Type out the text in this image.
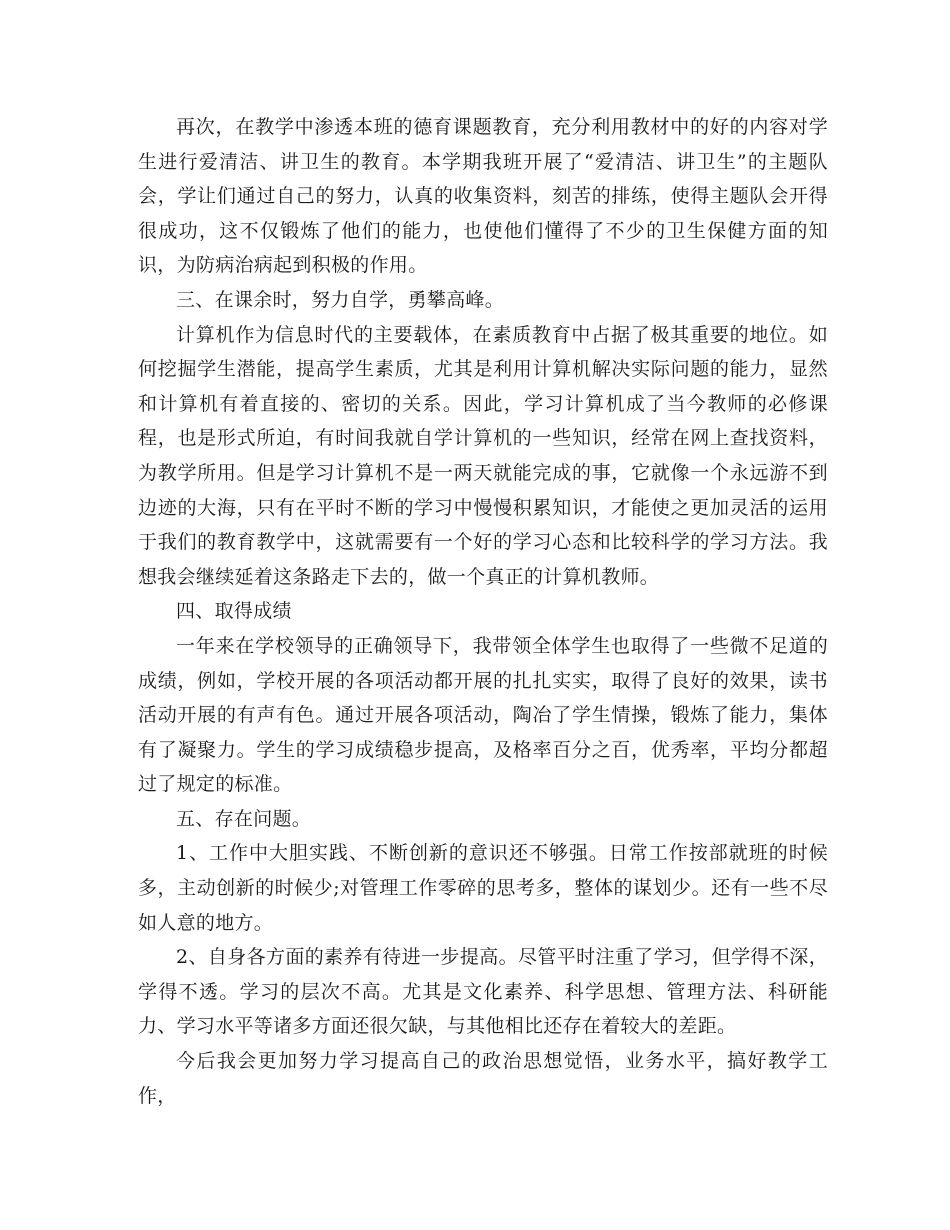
再次，在教学中渗透本班的德育课题教育，充分利用教材中的好的内容对学生进行爱清洁、讲卫生的教育。本学期我班开展了“爱清洁、讲卫生”的主题队会，学让们通过自己的努力，认真的收集资料，刻苦的排练，使得主题队会开得很成功，这不仅锻炼了他们的能力，也使他们懂得了不少的卫生保健方面的知识，为防病治病起到积极的作用。

三、在课余时，努力自学，勇攀高峰。

计算机作为信息时代的主要载体，在素质教育中占据了极其重要的地位。如何挖掘学生潜能，提高学生素质，尤其是利用计算机解决实际问题的能力，显然和计算机有着直接的、密切的关系。因此，学习计算机成了当今教师的必修课程，也是形式所迫，有时间我就自学计算机的一些知识，经常在网上查找资料，为教学所用。但是学习计算机不是一两天就能完成的事，它就像一个永远游不到边迹的大海，只有在平时不断的学习中慢慢积累知识，才能使之更加灵活的运用于我们的教育教学中，这就需要有一个好的学习心态和比较科学的学习方法。我想我会继续延着这条路走下去的，做一个真正的计算机教师。

四、取得成绩

一年来在学校领导的正确领导下，我带领全体学生也取得了一些微不足道的成绩，例如，学校开展的各项活动都开展的扎扎实实，取得了良好的效果，读书活动开展的有声有色。通过开展各项活动，陶冶了学生情操，锻炼了能力，集体有了凝聚力。学生的学习成绩稳步提高，及格率百分之百，优秀率，平均分都超过了规定的标准。

五、存在问题。

1、工作中大胆实践、不断创新的意识还不够强。日常工作按部就班的时候多，主动创新的时候少;对管理工作零碎的思考多，整体的谋划少。还有一些不尽如人意的地方。

2、自身各方面的素养有待进一步提高。尽管平时注重了学习，但学得不深，学得不透。学习的层次不高。尤其是文化素养、科学思想、管理方法、科研能力、学习水平等诸多方面还很欠缺，与其他相比还存在着较大的差距。

今后我会更加努力学习提高自己的政治思想觉悟，业务水平，搞好教学工作，
